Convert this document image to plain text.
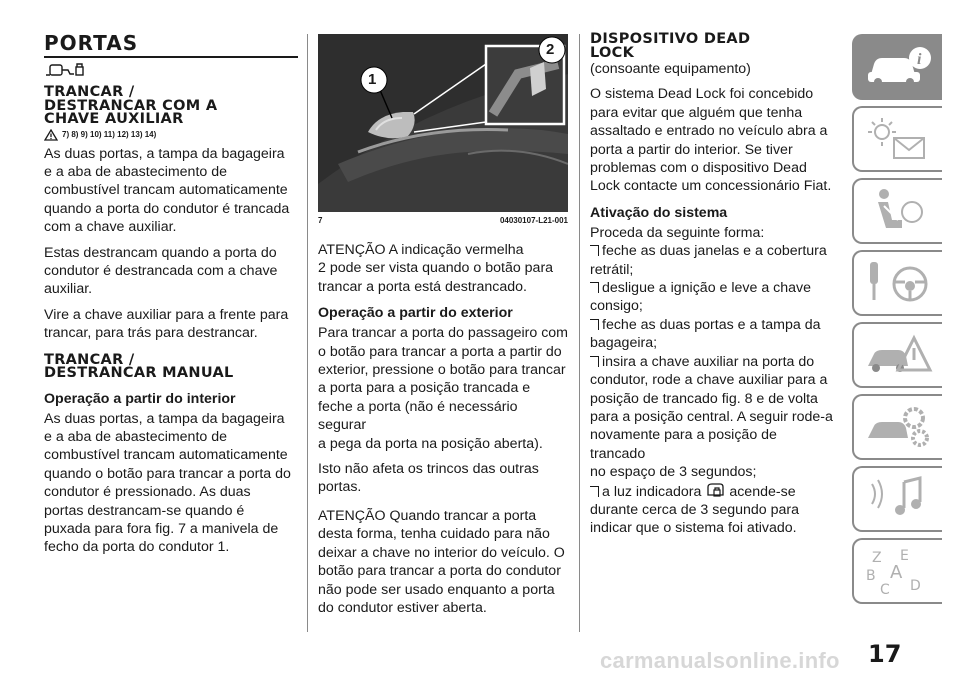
PORTAS
TRANCAR /
DESTRANCAR COM A
CHAVE AUXILIAR
7) 8) 9) 10) 11) 12) 13) 14)

As duas portas, a tampa da bagageira
e a aba de abastecimento de
combustível trancam automaticamente
quando a porta do condutor é trancada
com a chave auxiliar.

Estas destrancam quando a porta do
condutor é destrancada com a chave
auxiliar.

Vire a chave auxiliar para a frente para
trancar, para trás para destrancar.

TRANCAR /
DESTRANCAR MANUAL
Operação a partir do interior

As duas portas, a tampa da bagageira
e a aba de abastecimento de
combustível trancam automaticamente
quando o botão para trancar a porta do
condutor é pressionado. As duas
portas destrancam-se quando é
puxada para fora fig. 7 a manivela de
fecho da porta do condutor 1.

1
2
7	04030107-L21-001

ATENÇÃO A indicação vermelha
2 pode ser vista quando o botão para
trancar a porta está destrancado.

Operação a partir do exterior

Para trancar a porta do passageiro com
o botão para trancar a porta a partir do
exterior, pressione o botão para trancar
a porta para a posição trancada e
feche a porta (não é necessário segurar
a pega da porta na posição aberta).

Isto não afeta os trincos das outras
portas.

ATENÇÃO Quando trancar a porta
desta forma, tenha cuidado para não
deixar a chave no interior do veículo. O
botão para trancar a porta do condutor
não pode ser usado enquanto a porta
do condutor estiver aberta.

DISPOSITIVO DEAD
LOCK

(consoante equipamento)

O sistema Dead Lock foi concebido
para evitar que alguém que tenha
assaltado e entrado no veículo abra a
porta a partir do interior. Se tiver
problemas com o dispositivo Dead
Lock contacte um concessionário Fiat.

Ativação do sistema

Proceda da seguinte forma:

feche as duas janelas e a cobertura
retrátil;

desligue a ignição e leve a chave
consigo;

feche as duas portas e a tampa da
bagageira;

insira a chave auxiliar na porta do
condutor, rode a chave auxiliar para a
posição de trancado fig. 8 e de volta
para a posição central. A seguir rode-a
novamente para a posição de trancado
no espaço de 3 segundos;

a luz indicadora acende-se
durante cerca de 3 segundo para
indicar que o sistema foi ativado.

i
Z E
B A
C D
17
carmanualsonline.info
